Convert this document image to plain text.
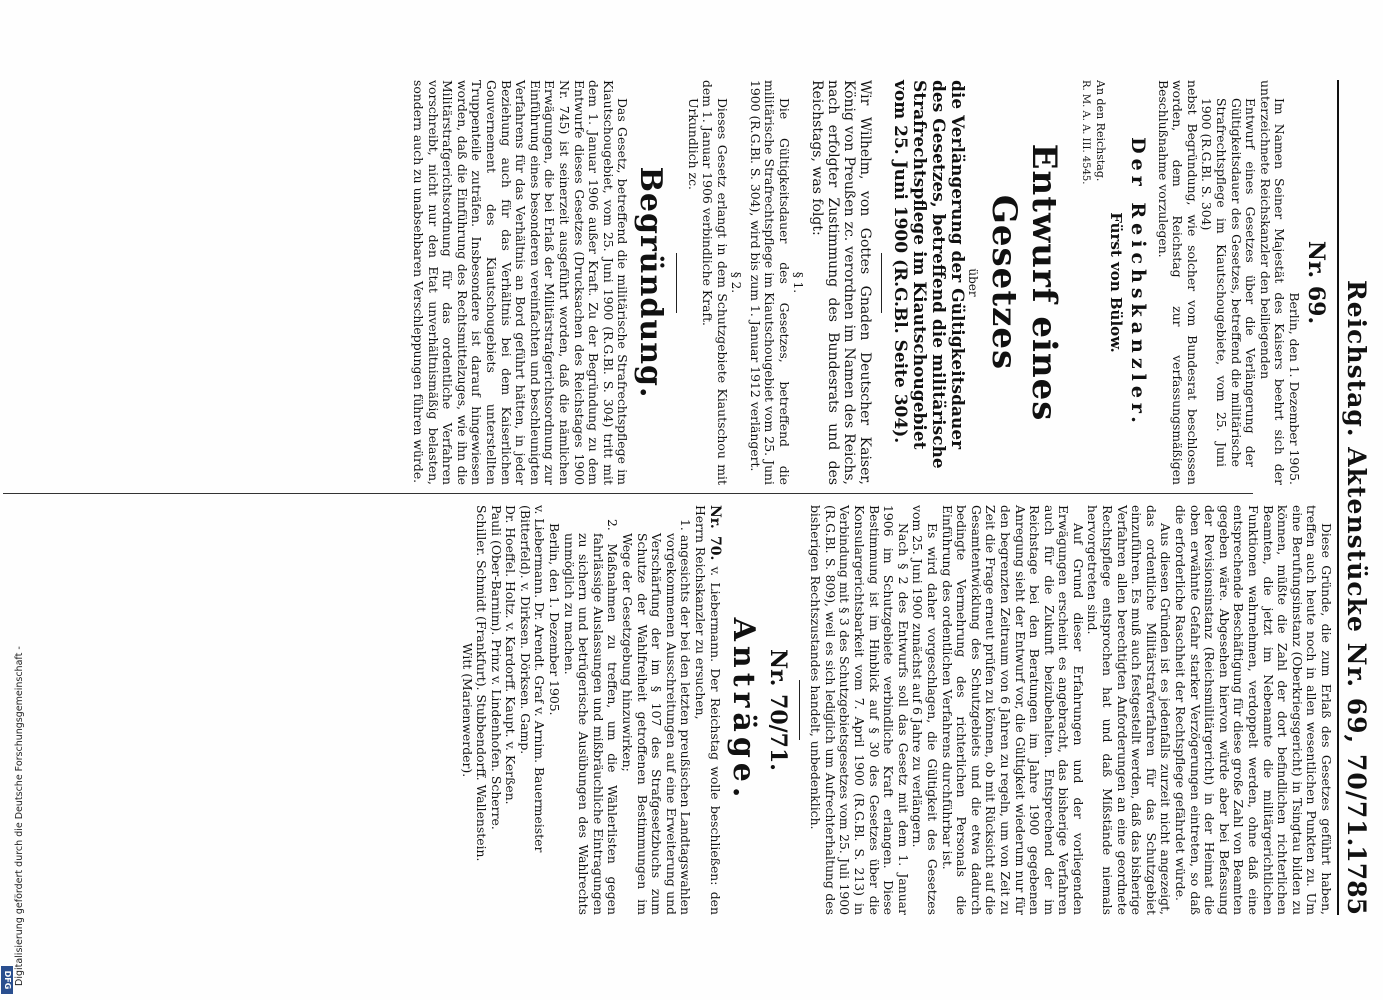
Reichstag. Aktenstücke Nr. 69, 70/71.
1785
Nr. 69.

Berlin, den 1. Dezember 1905.

Im Namen Seiner Majestät des Kaisers beehrt sich der unterzeichnete Reichskanzler den beiliegenden

Entwurf eines Gesetzes über die Verlängerung der Gültigkeitsdauer des Gesetzes, betreffend die militärische Strafrechtspflege im Kiautschougebiete, vom 25. Juni 1900 (R.G.Bl. S. 304)

nebst Begründung, wie solcher vom Bundesrat beschlossen worden, dem Reichstag zur verfassungsmäßigen Beschlußnahme vorzulegen.

Der Reichskanzler.
Fürst von Bülow.

An den Reichstag.

R. M. A. A. III. 4545.

Entwurf eines Gesetzes
über

die Verlängerung der Gültigkeitsdauer des Gesetzes, betreffend die militärische Strafrechtspflege im Kiautschougebiet vom 25. Juni 1900 (R.G.Bl. Seite 304).

Wir Wilhelm, von Gottes Gnaden Deutscher Kaiser, König von Preußen zc. verordnen im Namen des Reichs, nach erfolgter Zustimmung des Bundesrats und des Reichstags, was folgt:

§ 1.

Die Gültigkeitsdauer des Gesetzes, betreffend die militärische Strafrechtspflege im Kiautschougebiet vom 25. Juni 1900 (R.G.Bl. S. 304), wird bis zum 1. Januar 1912 verlängert.

§ 2.

Dieses Gesetz erlangt in dem Schutzgebiete Kiautschou mit dem 1. Januar 1906 verbindliche Kraft.

Urkundlich zc.

Begründung.

Das Gesetz, betreffend die militärische Strafrechtspflege im Kiautschougebiet, vom 25. Juni 1900 (R.G.Bl. S. 304) tritt mit dem 1. Januar 1906 außer Kraft. Zu der Begründung zu dem Entwurfe dieses Gesetzes (Drucksachen des Reichstages 1900 Nr. 745) ist seinerzeit ausgeführt worden, daß die nämlichen Erwägungen, die bei Erlaß der Militärstrafgerichtsordnung zur Einführung eines besonderen vereinfachten und beschleunigten Verfahrens für das Verhältnis an Bord geführt hätten, in jeder Beziehung auch für das Verhältnis bei dem Kaiserlichen Gouvernement des Kiautschougebiets unterstellten Truppenteile zuträfen. Insbesondere ist darauf hingewiesen worden, daß die Einführung des Rechtsmittelzuges, wie ihn die Militärstrafgerichtsordnung für das ordentliche Verfahren vorschreibt, nicht nur den Etat unverhältnismäßig belasten, sondern auch zu unabsehbaren Verschleppungen führen würde.

Diese Gründe, die zum Erlaß des Gesetzes geführt haben, treffen auch heute noch in allen wesentlichen Punkten zu. Um eine Berufungsinstanz (Oberkriegsgericht) in Tsingtau bilden zu können, müßte die Zahl der dort befindlichen richterlichen Beamten, die jetzt im Nebenamte die militärgerichtlichen Funktionen wahrnehmen, verdoppelt werden, ohne daß eine entsprechende Beschäftigung für diese große Zahl von Beamten gegeben wäre. Abgesehen hiervon würde aber bei Befassung der Revisionsinstanz (Reichsmilitärgericht) in der Heimat die oben erwähnte Gefahr starker Verzögerungen eintreten, so daß die erforderliche Raschheit der Rechtspflege gefährdet würde.

Aus diesen Gründen ist es jedenfalls zurzeit nicht angezeigt, das ordentliche Militärstrafverfahren für das Schutzgebiet einzuführen. Es muß auch festgestellt werden, daß das bisherige Verfahren allen berechtigten Anforderungen an eine geordnete Rechtspflege entsprochen hat und daß Mißstände niemals hervorgetreten sind.

Auf Grund dieser Erfahrungen und der vorliegenden Erwägungen erscheint es angebracht, das bisherige Verfahren auch für die Zukunft beizubehalten. Entsprechend der im Reichstage bei den Beratungen im Jahre 1900 gegebenen Anregung sieht der Entwurf vor, die Gültigkeit wiederum nur für den begrenzten Zeitraum von 6 Jahren zu regeln, um von Zeit zu Zeit die Frage erneut prüfen zu können, ob mit Rücksicht auf die Gesamtentwicklung des Schutzgebiets und die etwa dadurch bedingte Vermehrung des richterlichen Personals die Einführung des ordentlichen Verfahrens durchführbar ist.

Es wird daher vorgeschlagen, die Gültigkeit des Gesetzes vom 25. Juni 1900 zunächst auf 6 Jahre zu verlängern.

Nach § 2 des Entwurfs soll das Gesetz mit dem 1. Januar 1906 im Schutzgebiete verbindliche Kraft erlangen. Diese Bestimmung ist im Hinblick auf § 30 des Gesetzes über die Konsulargerichtsbarkeit vom 7. April 1900 (R.G.Bl. S. 213) in Verbindung mit § 3 des Schutzgebietsgesetzes vom 25. Juli 1900 (R.G.Bl. S. 809), weil es sich lediglich um Aufrechterhaltung des bisherigen Rechtszustandes handelt, unbedenklich.

Nr. 70/71.
Anträge.

Nr. 70. v. Liebermann. Der Reichstag wolle beschließen: den Herrn Reichskanzler zu ersuchen,

1. angesichts der bei den letzten preußischen Landtagswahlen vorgekommenen Ausschreitungen auf eine Erweiterung und Verschärfung der im § 107 des Strafgesetzbuchs zum Schutze der Wahlfreiheit getroffenen Bestimmungen im Wege der Gesetzgebung hinzuwirken;

2. Maßnahmen zu treffen, um die Wählerlisten gegen fahrlässige Auslassungen und mißbräuchliche Eintragungen zu sichern und betrügerische Ausübungen des Wahlrechts unmöglich zu machen.

Berlin, den 1. Dezember 1905.

v. Liebermann. Dr. Arendt. Graf v. Arnim. Bauermeister (Bitterfeld). v. Dirksen. Dörksen. Gamp.

Dr. Hoeffel. Holtz. v. Kardorff. Kaupt. v. Kerßen.

Pauli (Ober-Barnim). Prinz v. Lindenhofen. Scherre.

Schiller. Schmidt (Frankfurt). Stubbendorff. Wallenstein.

Witt (Marienwerder).

Digitalisierung gefördert durch die Deutsche Forschungsgemeinschaft -
DFG
